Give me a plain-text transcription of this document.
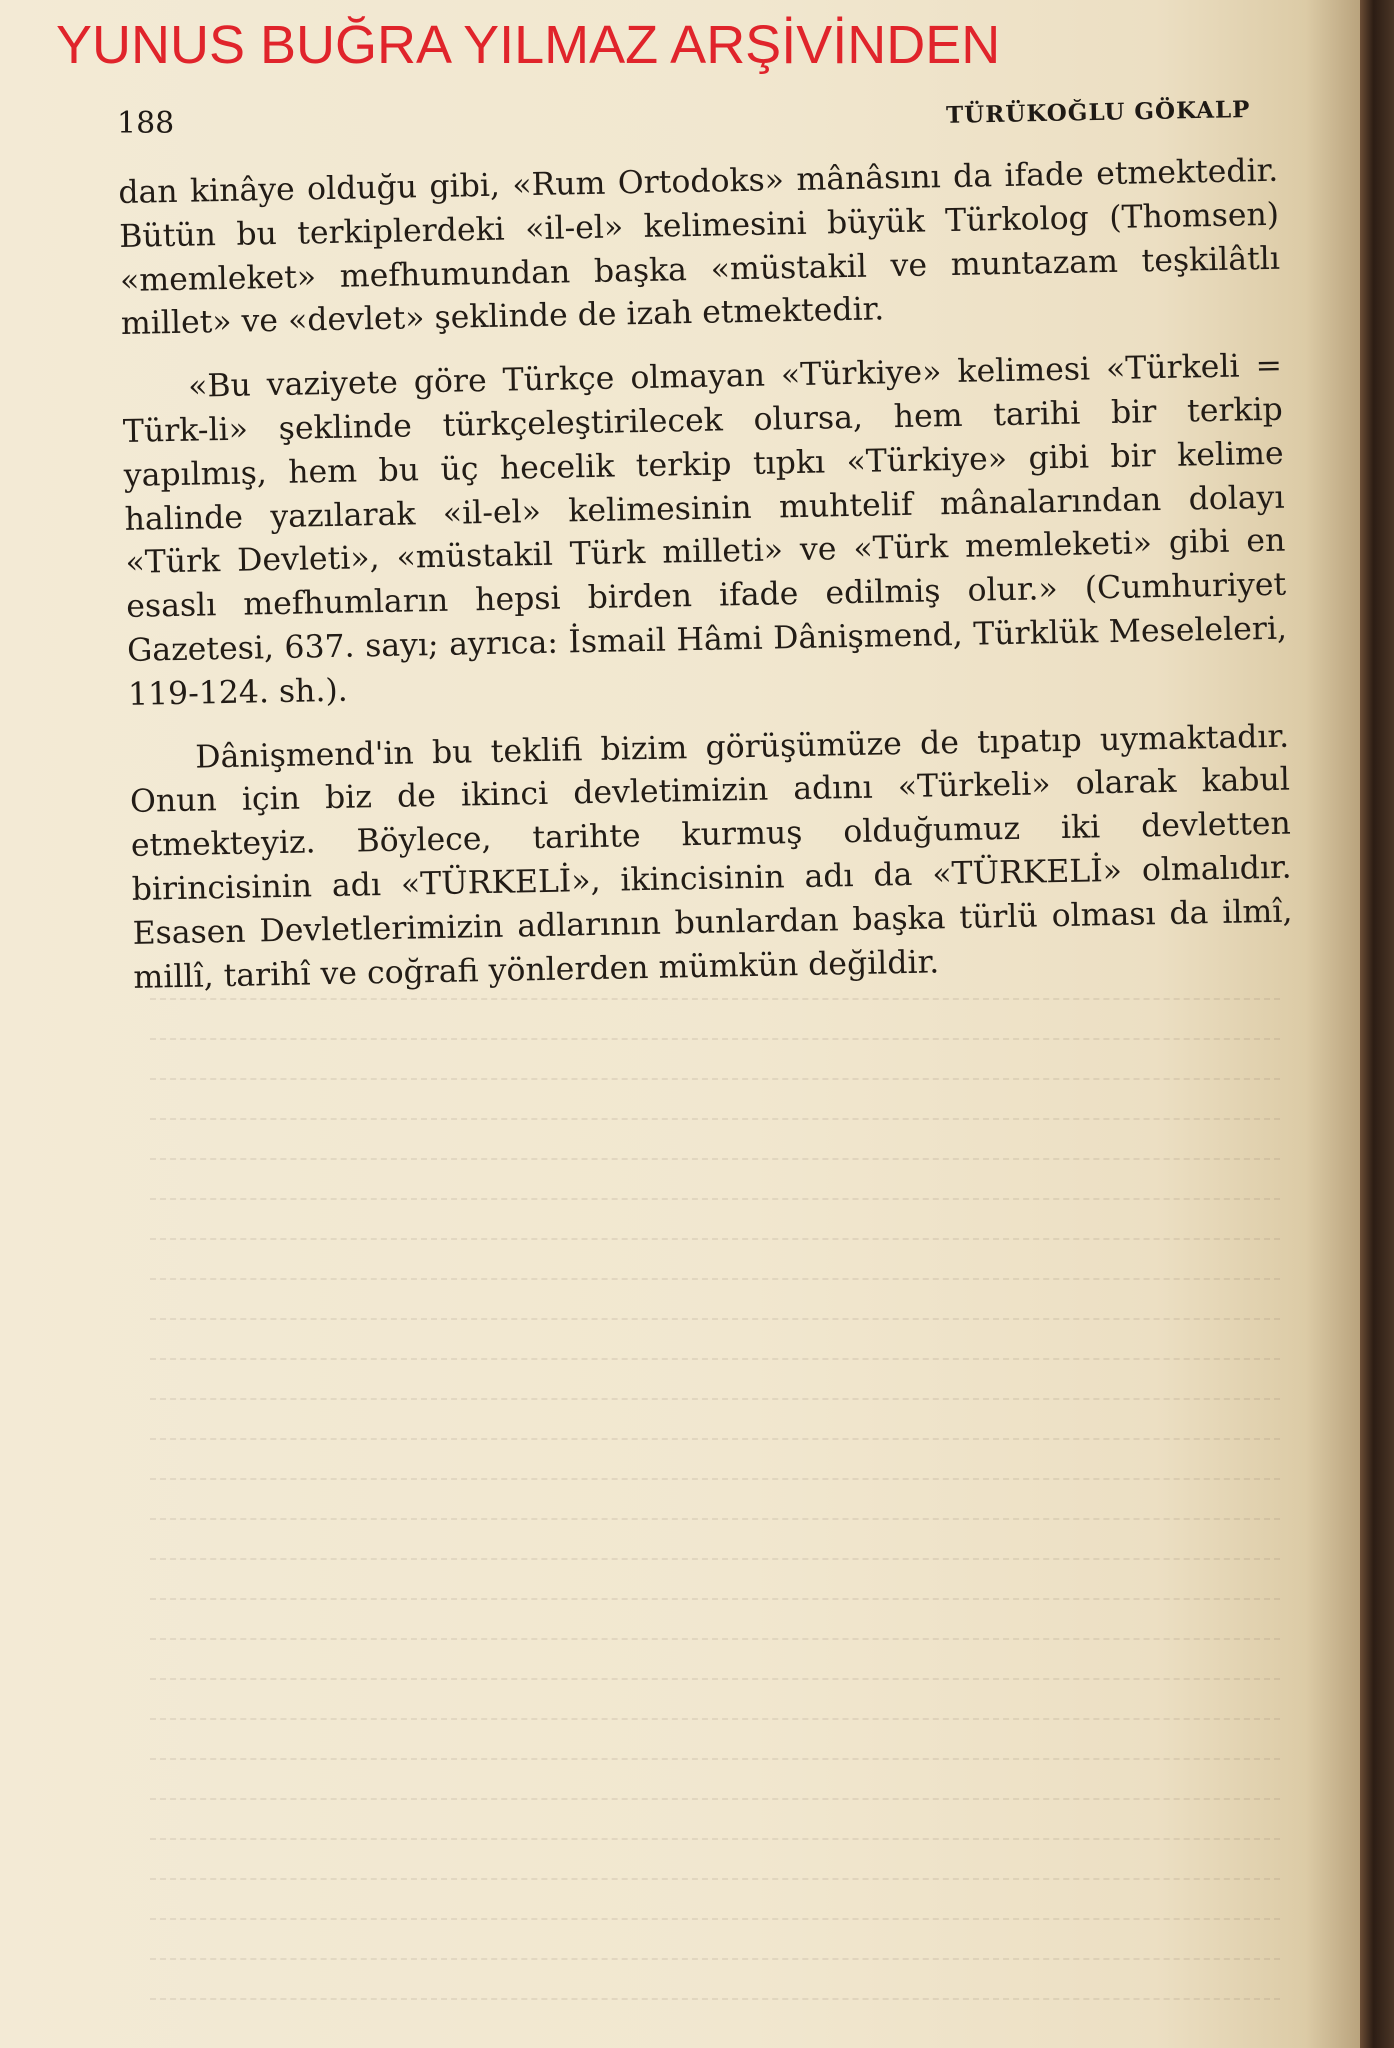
YUNUS BUĞRA YILMAZ ARŞİVİNDEN
188	TÜRÜKOĞLU GÖKALP

dan kinâye olduğu gibi, «Rum Ortodoks» mânâsını da ifade etmektedir. Bütün bu terkiplerdeki «il-el» kelimesini büyük Türkolog (Thomsen) «memleket» mefhumundan başka «müstakil ve muntazam teşkilâtlı millet» ve «devlet» şeklinde de izah etmektedir.

«Bu vaziyete göre Türkçe olmayan «Türkiye» kelimesi «Türkeli = Türk-li» şeklinde türkçeleştirilecek olursa, hem tarihi bir terkip yapılmış, hem bu üç hecelik terkip tıpkı «Türkiye» gibi bir kelime halinde yazılarak «il-el» kelimesinin muhtelif mânalarından dolayı «Türk Devleti», «müstakil Türk milleti» ve «Türk memleketi» gibi en esaslı mefhumların hepsi birden ifade edilmiş olur.» (Cumhuriyet Gazetesi, 637. sayı; ayrıca: İsmail Hâmi Dânişmend, Türklük Meseleleri, 119-124. sh.).

Dânişmend'in bu teklifi bizim görüşümüze de tıpatıp uymaktadır. Onun için biz de ikinci devletimizin adını «Türkeli» olarak kabul etmekteyiz. Böylece, tarihte kurmuş olduğumuz iki devletten birincisinin adı «TÜRKELİ», ikincisinin adı da «TÜRKELİ» olmalıdır. Esasen Devletlerimizin adlarının bunlardan başka türlü olması da ilmî, millî, tarihî ve coğrafi yönlerden mümkün değildir.
